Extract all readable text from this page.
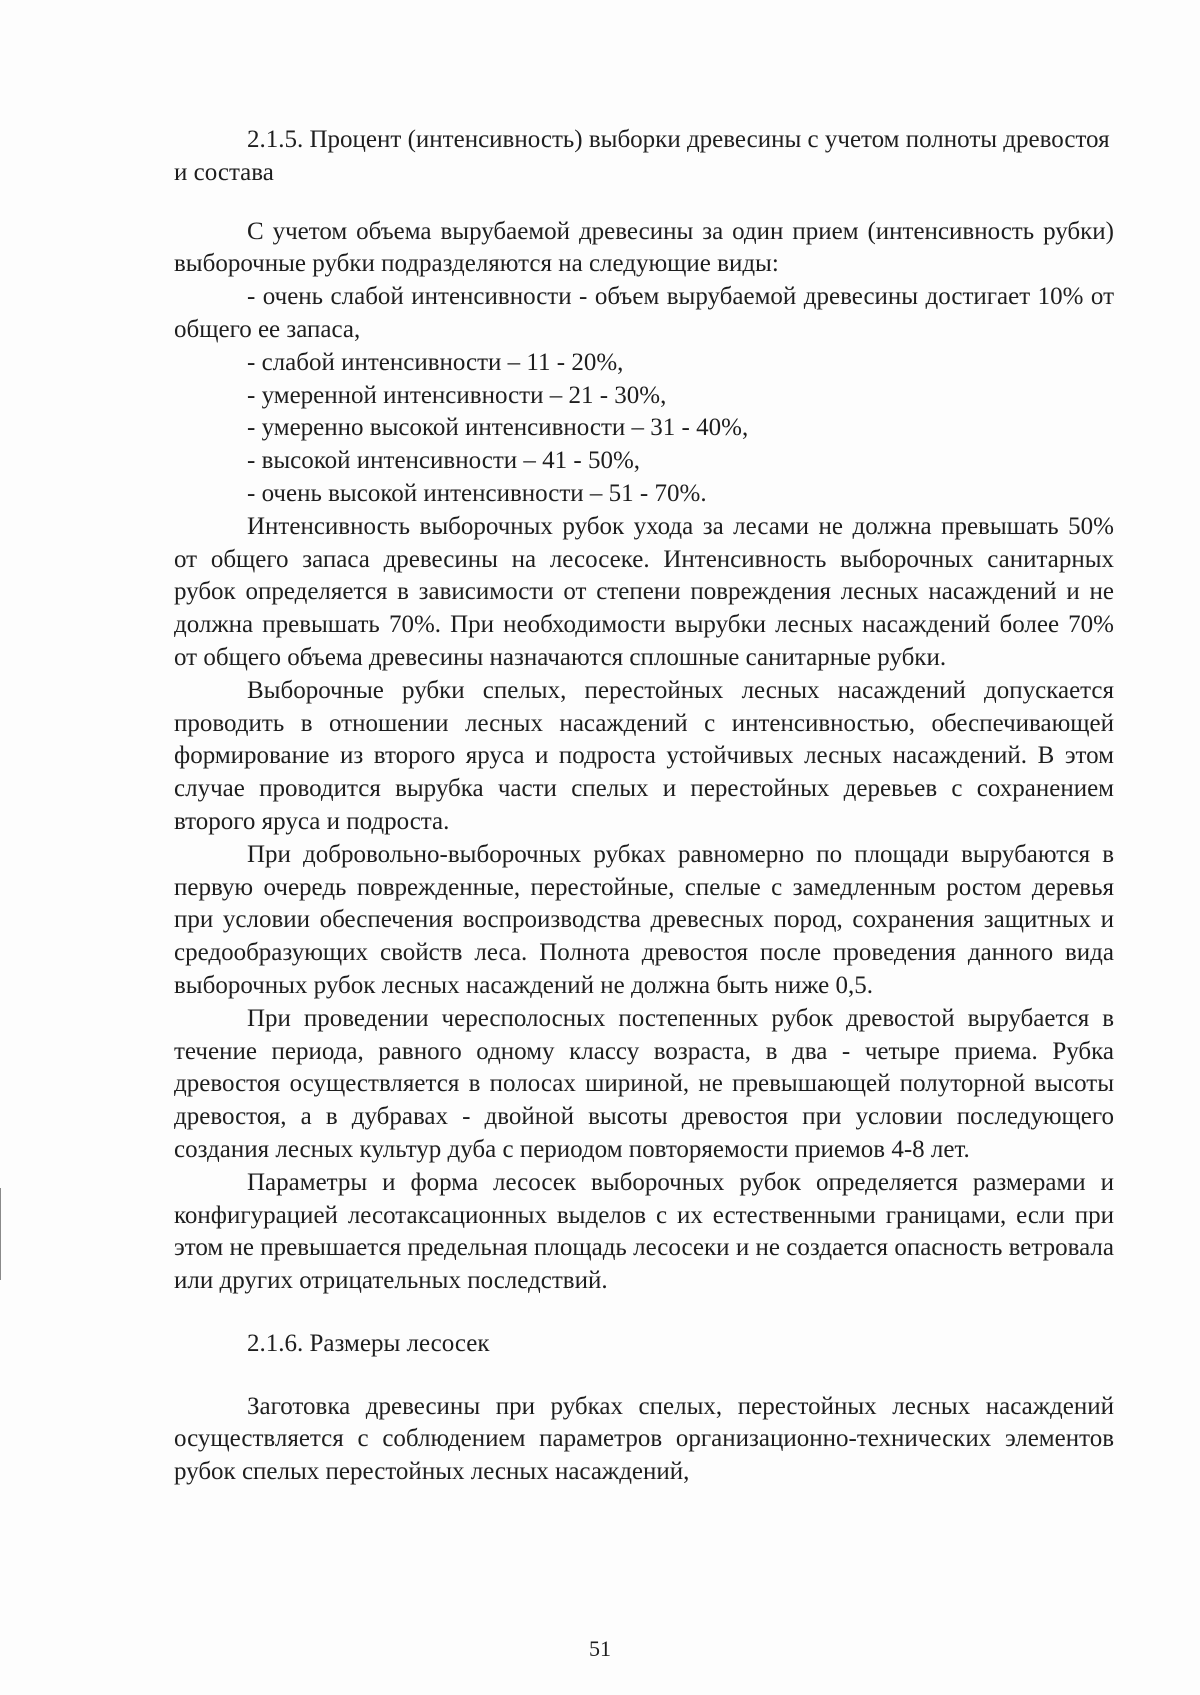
2.1.5. Процент (интенсивность) выборки древесины с учетом полноты древостоя и состава

С учетом объема вырубаемой древесины за один прием (интенсивность рубки) выборочные рубки подразделяются на следующие виды:

- очень слабой интенсивности - объем вырубаемой древесины достигает 10% от общего ее запаса,

- слабой интенсивности – 11 - 20%,

- умеренной интенсивности – 21 - 30%,

- умеренно высокой интенсивности – 31 - 40%,

- высокой интенсивности – 41 - 50%,

- очень высокой интенсивности – 51 - 70%.

Интенсивность выборочных рубок ухода за лесами не должна превышать 50% от общего запаса древесины на лесосеке. Интенсивность выборочных санитарных рубок определяется в зависимости от степени повреждения лесных насаждений и не должна превышать 70%. При необходимости вырубки лесных насаждений более 70% от общего объема древесины назначаются сплошные санитарные рубки.

Выборочные рубки спелых, перестойных лесных насаждений допускается проводить в отношении лесных насаждений с интенсивностью, обеспечивающей формирование из второго яруса и подроста устойчивых лесных насаждений. В этом случае проводится вырубка части спелых и перестойных деревьев с сохранением второго яруса и подроста.

При добровольно-выборочных рубках равномерно по площади вырубаются в первую очередь поврежденные, перестойные, спелые с замедленным ростом деревья при условии обеспечения воспроизводства древесных пород, сохранения защитных и средообразующих свойств леса. Полнота древостоя после проведения данного вида выборочных рубок лесных насаждений не должна быть ниже 0,5.

При проведении чересполосных постепенных рубок древостой вырубается в течение периода, равного одному классу возраста, в два - четыре приема. Рубка древостоя осуществляется в полосах шириной, не превышающей полуторной высоты древостоя, а в дубравах - двойной высоты древостоя при условии последующего создания лесных культур дуба с периодом повторяемости приемов 4-8 лет.

Параметры и форма лесосек выборочных рубок определяется размерами и конфигурацией лесотаксационных выделов с их естественными границами, если при этом не превышается предельная площадь лесосеки и не создается опасность ветровала или других отрицательных последствий.

2.1.6. Размеры лесосек

Заготовка древесины при рубках спелых, перестойных лесных насаждений осуществляется с соблюдением параметров организационно-технических элементов рубок спелых перестойных лесных насаждений,

51
